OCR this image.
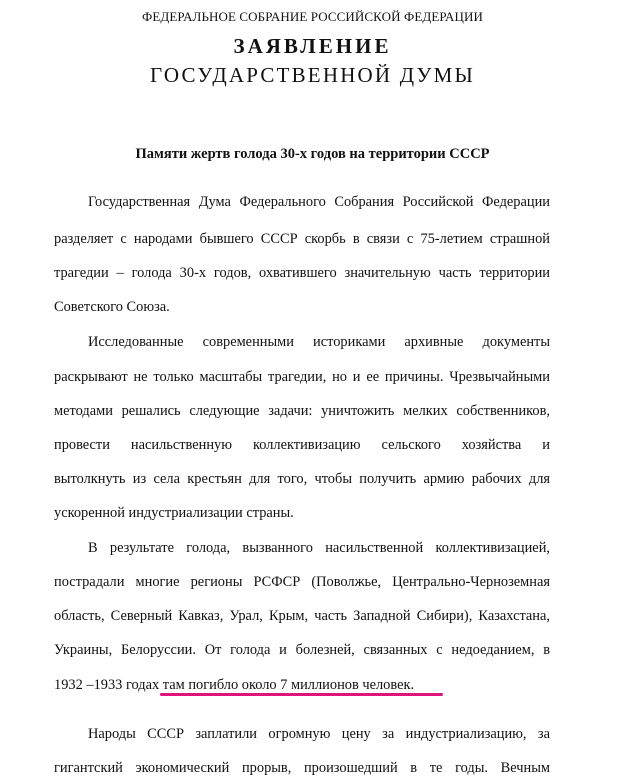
ФЕДЕРАЛЬНОЕ СОБРАНИЕ РОССИЙСКОЙ ФЕДЕРАЦИИ
ЗАЯВЛЕНИЕ
ГОСУДАРСТВЕННОЙ ДУМЫ
Памяти жертв голода 30-х годов на территории СССР
Государственная Дума Федерального Собрания Российской Федерации
разделяет с народами бывшего СССР скорбь в связи с 75-летием страшной
трагедии – голода 30-х годов, охватившего значительную часть территории
Советского Союза.
Исследованные современными историками архивные документы
раскрывают не только масштабы трагедии, но и ее причины. Чрезвычайными
методами решались следующие задачи: уничтожить мелких собственников,
провести насильственную коллективизацию сельского хозяйства и
вытолкнуть из села крестьян для того, чтобы получить армию рабочих для
ускоренной индустриализации страны.
В результате голода, вызванного насильственной коллективизацией,
пострадали многие регионы РСФСР (Поволжье, Центрально-Черноземная
область, Северный Кавказ, Урал, Крым, часть Западной Сибири), Казахстана,
Украины, Белоруссии. От голода и болезней, связанных с недоеданием, в
1932 –1933 годах там погибло около 7 миллионов человек.
Народы СССР заплатили огромную цену за индустриализацию, за
гигантский экономический прорыв, произошедший в те годы. Вечным
